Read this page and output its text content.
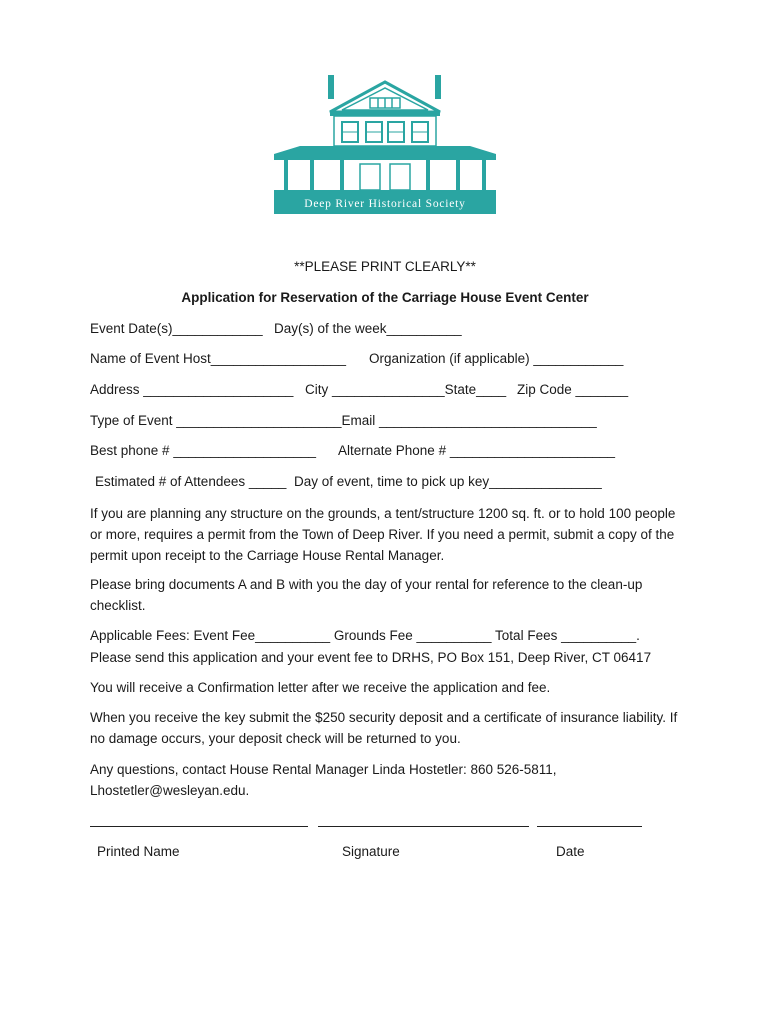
Deep River Historical Society
**PLEASE PRINT CLEARLY**
Application for Reservation of the Carriage House Event Center
Event Date(s)____________ Day(s) of the week__________
Name of Event Host__________________ Organization (if applicable) ____________
Address ____________________ City _______________State____ Zip Code _______
Type of Event ______________________Email _____________________________
Best phone # ___________________ Alternate Phone # ______________________
Estimated # of Attendees _____ Day of event, time to pick up key_______________
If you are planning any structure on the grounds, a tent/structure 1200 sq. ft. or to hold 100 people or more, requires a permit from the Town of Deep River. If you need a permit, submit a copy of the permit upon receipt to the Carriage House Rental Manager.
Please bring documents A and B with you the day of your rental for reference to the clean-up checklist.
Applicable Fees: Event Fee__________ Grounds Fee __________ Total Fees __________.
Please send this application and your event fee to DRHS, PO Box 151, Deep River, CT 06417
You will receive a Confirmation letter after we receive the application and fee.
When you receive the key submit the $250 security deposit and a certificate of insurance liability. If no damage occurs, your deposit check will be returned to you.
Any questions, contact House Rental Manager Linda Hostetler: 860 526-5811, Lhostetler@wesleyan.edu.
Printed Name	Signature	Date
